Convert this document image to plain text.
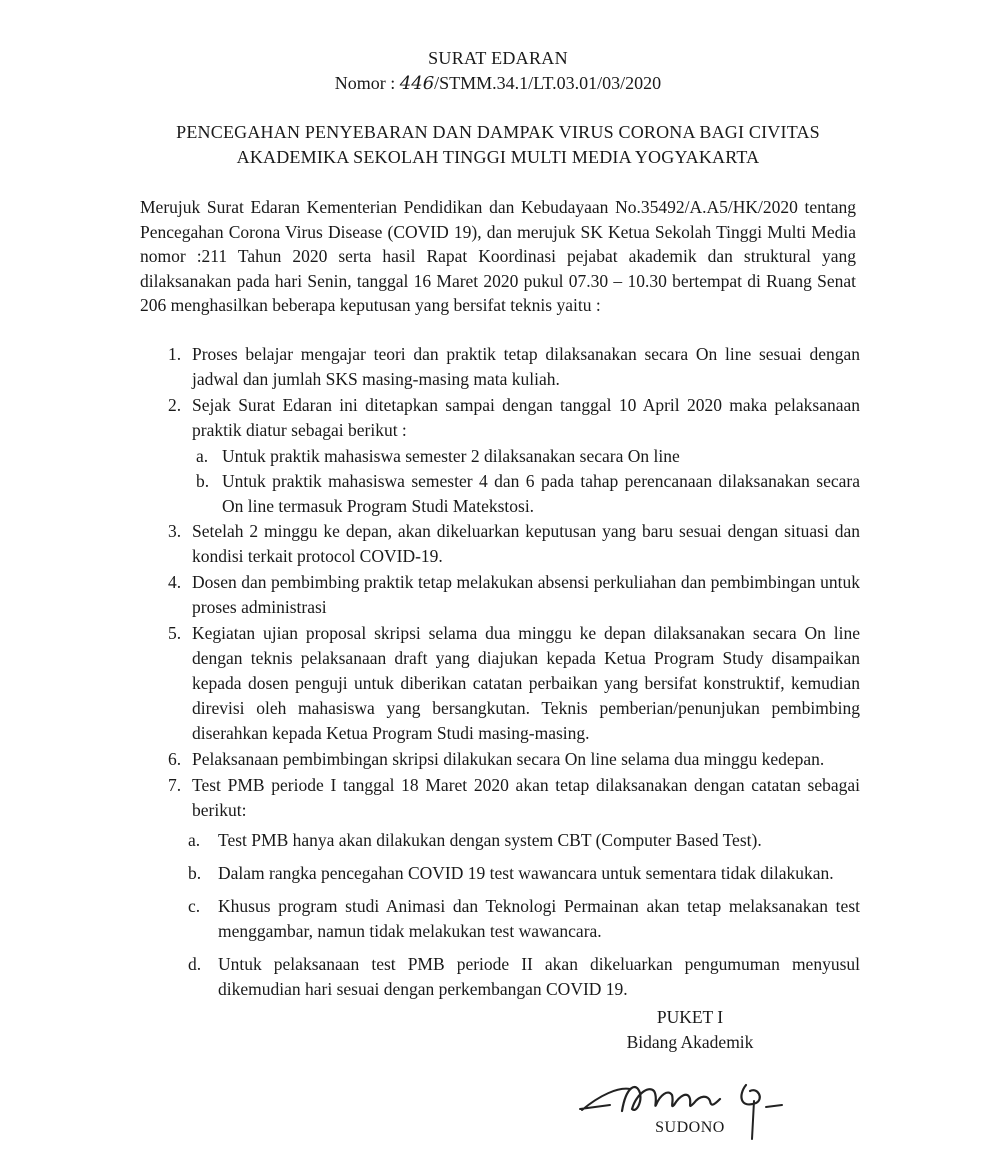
SURAT EDARAN
Nomor : 446/STMM.34.1/LT.03.01/03/2020
PENCEGAHAN PENYEBARAN DAN DAMPAK VIRUS CORONA BAGI CIVITAS
AKADEMIKA SEKOLAH TINGGI MULTI MEDIA YOGYAKARTA
Merujuk Surat Edaran Kementerian Pendidikan dan Kebudayaan No.35492/A.A5/HK/2020 tentang Pencegahan Corona Virus Disease (COVID 19), dan merujuk SK Ketua Sekolah Tinggi Multi Media nomor :211 Tahun 2020 serta hasil Rapat Koordinasi pejabat akademik dan struktural yang dilaksanakan pada hari Senin, tanggal 16 Maret 2020 pukul 07.30 – 10.30 bertempat di Ruang Senat 206 menghasilkan beberapa keputusan yang bersifat teknis yaitu :
1. Proses belajar mengajar teori dan praktik tetap dilaksanakan secara On line sesuai dengan jadwal dan jumlah SKS masing-masing mata kuliah.
2. Sejak Surat Edaran ini ditetapkan sampai dengan tanggal 10 April 2020 maka pelaksanaan praktik diatur sebagai berikut :
a. Untuk praktik mahasiswa semester 2 dilaksanakan secara On line
b. Untuk praktik mahasiswa semester 4 dan 6 pada tahap perencanaan dilaksanakan secara On line termasuk Program Studi Matekstosi.
3. Setelah 2 minggu ke depan, akan dikeluarkan keputusan yang baru sesuai dengan situasi dan kondisi terkait protocol COVID-19.
4. Dosen dan pembimbing praktik tetap melakukan absensi perkuliahan dan pembimbingan untuk proses administrasi
5. Kegiatan ujian proposal skripsi selama dua minggu ke depan dilaksanakan secara On line dengan teknis pelaksanaan draft yang diajukan kepada Ketua Program Study disampaikan kepada dosen penguji untuk diberikan catatan perbaikan yang bersifat konstruktif, kemudian direvisi oleh mahasiswa yang bersangkutan. Teknis pemberian/penunjukan pembimbing diserahkan kepada Ketua Program Studi masing-masing.
6. Pelaksanaan pembimbingan skripsi dilakukan secara On line selama dua minggu kedepan.
7. Test PMB periode I tanggal 18 Maret 2020 akan tetap dilaksanakan dengan catatan sebagai berikut:
a. Test PMB hanya akan dilakukan dengan system CBT (Computer Based Test).
b. Dalam rangka pencegahan COVID 19 test wawancara untuk sementara tidak dilakukan.
c. Khusus program studi Animasi dan Teknologi Permainan akan tetap melaksanakan test menggambar, namun tidak melakukan test wawancara.
d. Untuk pelaksanaan test PMB periode II akan dikeluarkan pengumuman menyusul dikemudian hari sesuai dengan perkembangan COVID 19.
PUKET I
Bidang Akademik
SUDONO
